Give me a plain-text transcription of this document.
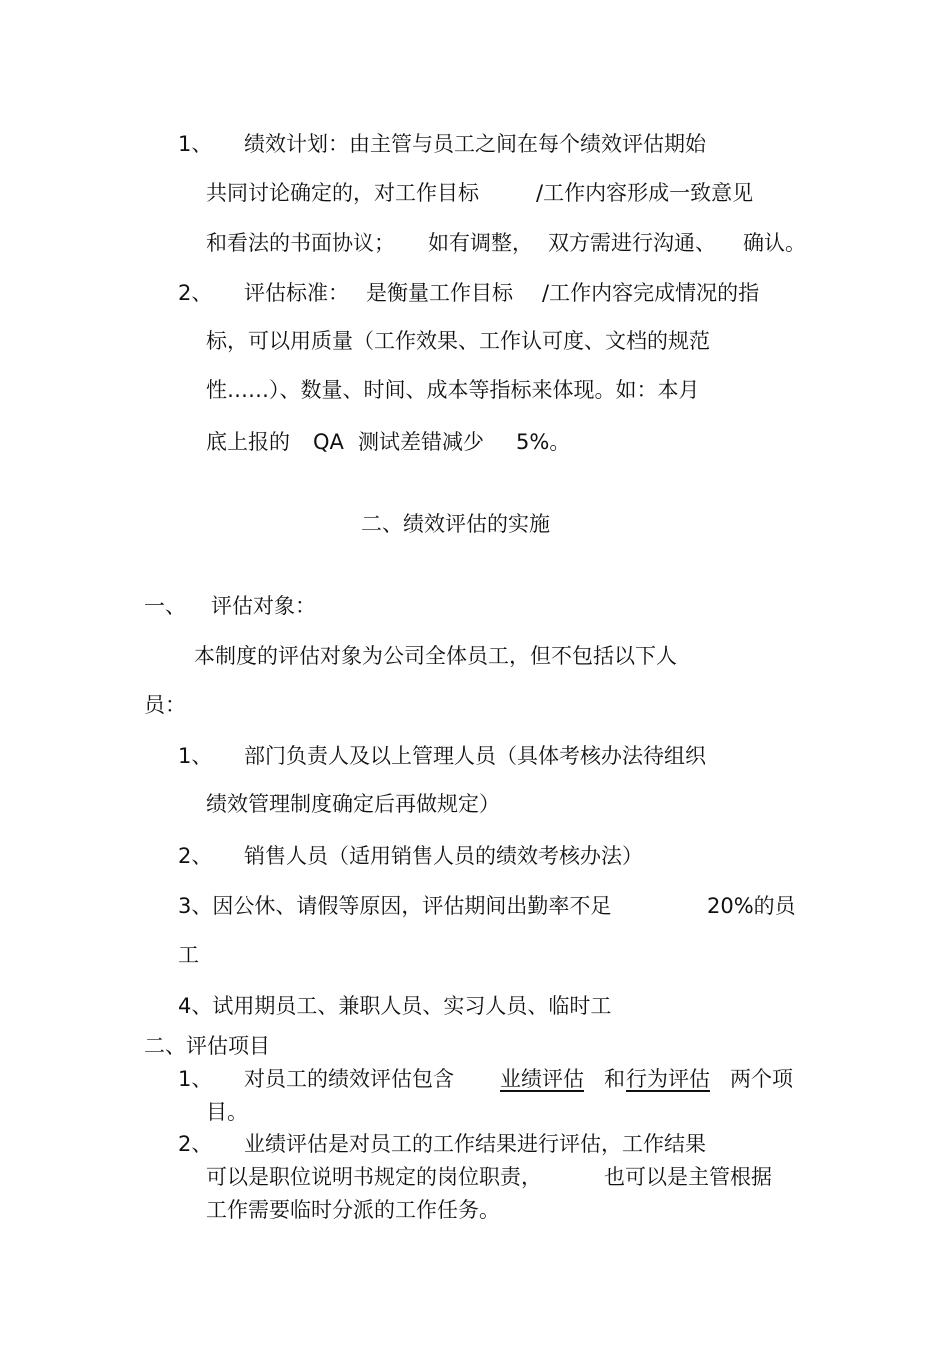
1、 绩效计划：由主管与员工之间在每个绩效评估期始
共同讨论确定的，对工作目标	/工作内容形成一致意见
和看法的书面协议； 如有调整， 双方需进行沟通、 确认。
2、 评估标准： 是衡量工作目标 /工作内容完成情况的指
标，可以用质量（工作效果、工作认可度、文档的规范
性……）、数量、时间、成本等指标来体现。如：本月
底上报的 QA 测试差错减少 5%。
二、绩效评估的实施
一、 评估对象：
本制度的评估对象为公司全体员工，但不包括以下人
员：
1、 部门负责人及以上管理人员（具体考核办法待组织
绩效管理制度确定后再做规定）
2、 销售人员（适用销售人员的绩效考核办法）
3、因公休、请假等原因，评估期间出勤率不足	20%的员
工
4、试用期员工、兼职人员、实习人员、临时工
二、评估项目
1、 对员工的绩效评估包含 业绩评估 和 行为评估 两个项
目。
2、 业绩评估是对员工的工作结果进行评估，工作结果
可以是职位说明书规定的岗位职责，	也可以是主管根据
工作需要临时分派的工作任务。
